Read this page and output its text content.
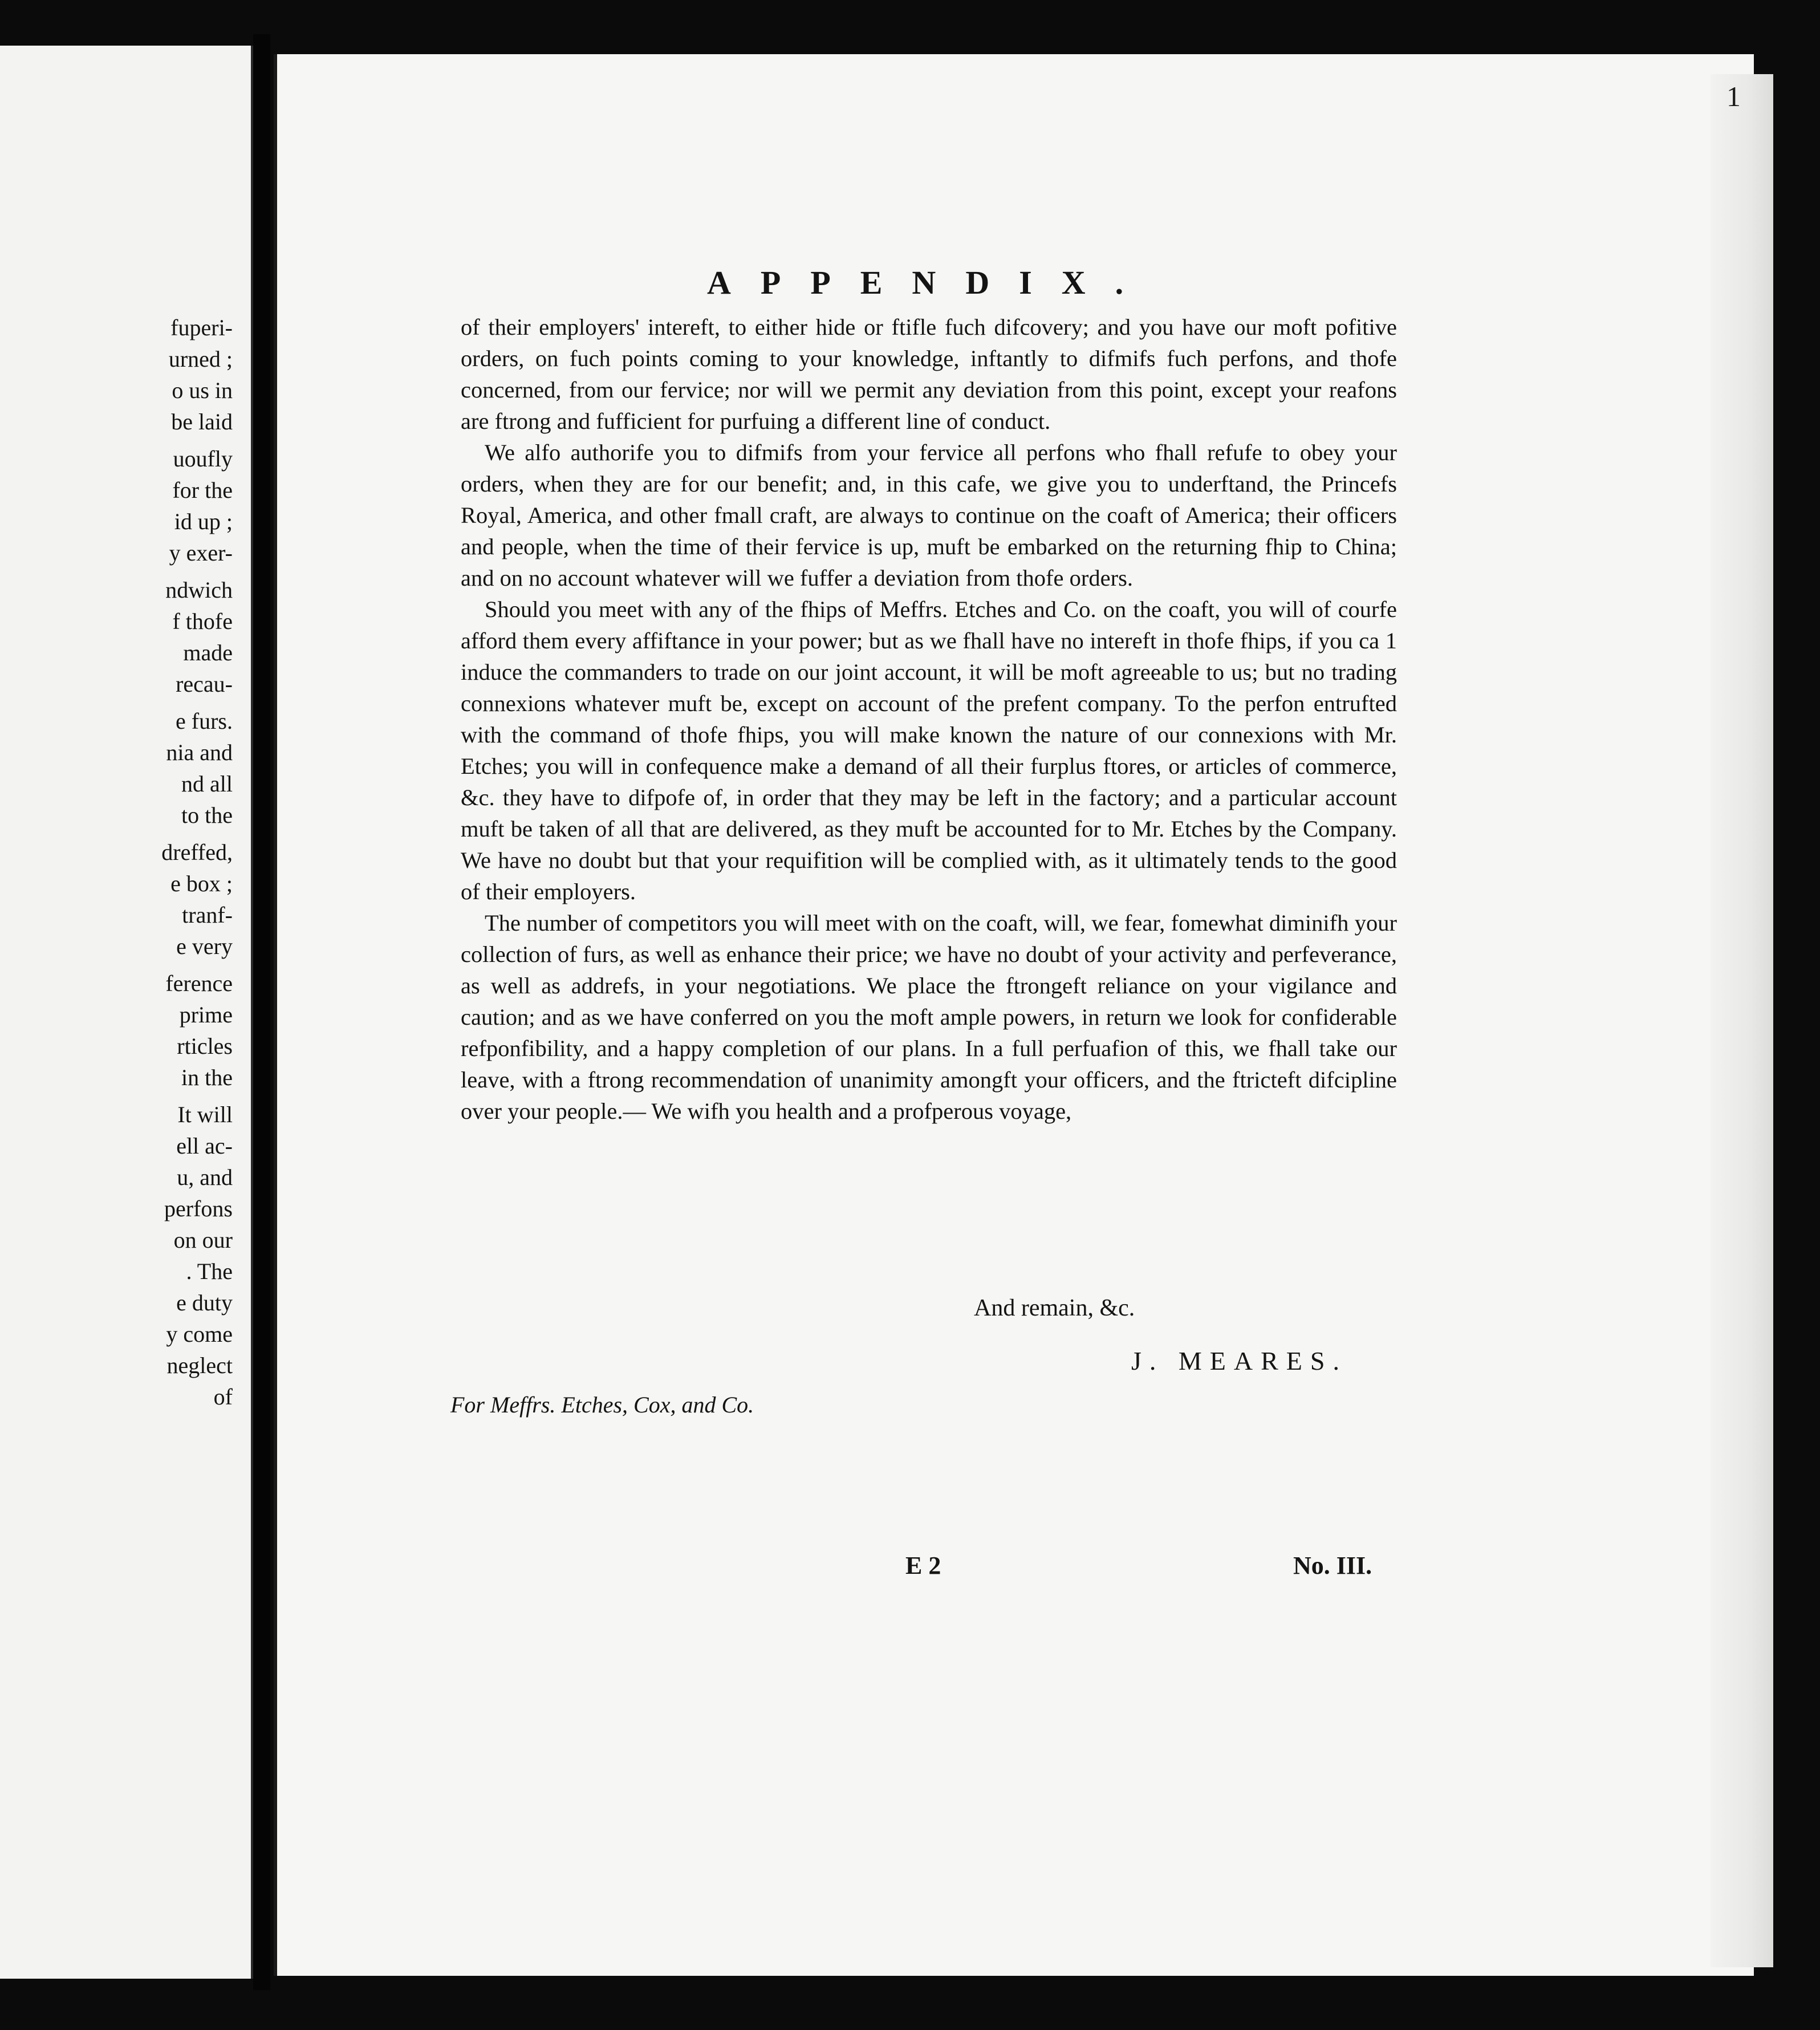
fuperi-
urned ;
o us in
be laid
uoufly
for the
id up ;
y exer-
ndwich
f thofe
made
recau-
e furs.
nia and
nd all
to the
dreffed,
e box ;
tranf-
e very
ference
prime
rticles
in the
It will
ell ac-
u, and
perfons
on our
. The
e duty
y come
neglect
of
1
APPENDIX.

of their employers' intereft, to either hide or ftifle fuch difcovery; and you have our moft pofitive orders, on fuch points coming to your knowledge, inftantly to difmifs fuch perfons, and thofe concerned, from our fervice; nor will we permit any deviation from this point, except your reafons are ftrong and fufficient for purfuing a different line of conduct.

We alfo authorife you to difmifs from your fervice all perfons who fhall refufe to obey your orders, when they are for our benefit; and, in this cafe, we give you to underftand, the Princefs Royal, America, and other fmall craft, are always to continue on the coaft of America; their officers and people, when the time of their fervice is up, muft be embarked on the returning fhip to China; and on no account whatever will we fuffer a deviation from thofe orders.

Should you meet with any of the fhips of Meffrs. Etches and Co. on the coaft, you will of courfe afford them every affiftance in your power; but as we fhall have no intereft in thofe fhips, if you ca 1 induce the commanders to trade on our joint account, it will be moft agreeable to us; but no trading connexions whatever muft be, except on account of the prefent company. To the perfon entrufted with the command of thofe fhips, you will make known the nature of our connexions with Mr. Etches; you will in confequence make a demand of all their furplus ftores, or articles of commerce, &c. they have to difpofe of, in order that they may be left in the factory; and a particular account muft be taken of all that are delivered, as they muft be accounted for to Mr. Etches by the Company. We have no doubt but that your requifition will be complied with, as it ultimately tends to the good of their employers.

The number of competitors you will meet with on the coaft, will, we fear, fomewhat diminifh your collection of furs, as well as enhance their price; we have no doubt of your activity and perfeverance, as well as addrefs, in your negotiations. We place the ftrongeft reliance on your vigilance and caution; and as we have conferred on you the moft ample powers, in return we look for confiderable refponfibility, and a happy completion of our plans. In a full perfuafion of this, we fhall take our leave, with a ftrong recommendation of unanimity amongft your officers, and the ftricteft difcipline over your people.— We wifh you health and a profperous voyage,

And remain, &c.
J. MEARES.
For Meffrs. Etches, Cox, and Co.
E 2	No. III.
